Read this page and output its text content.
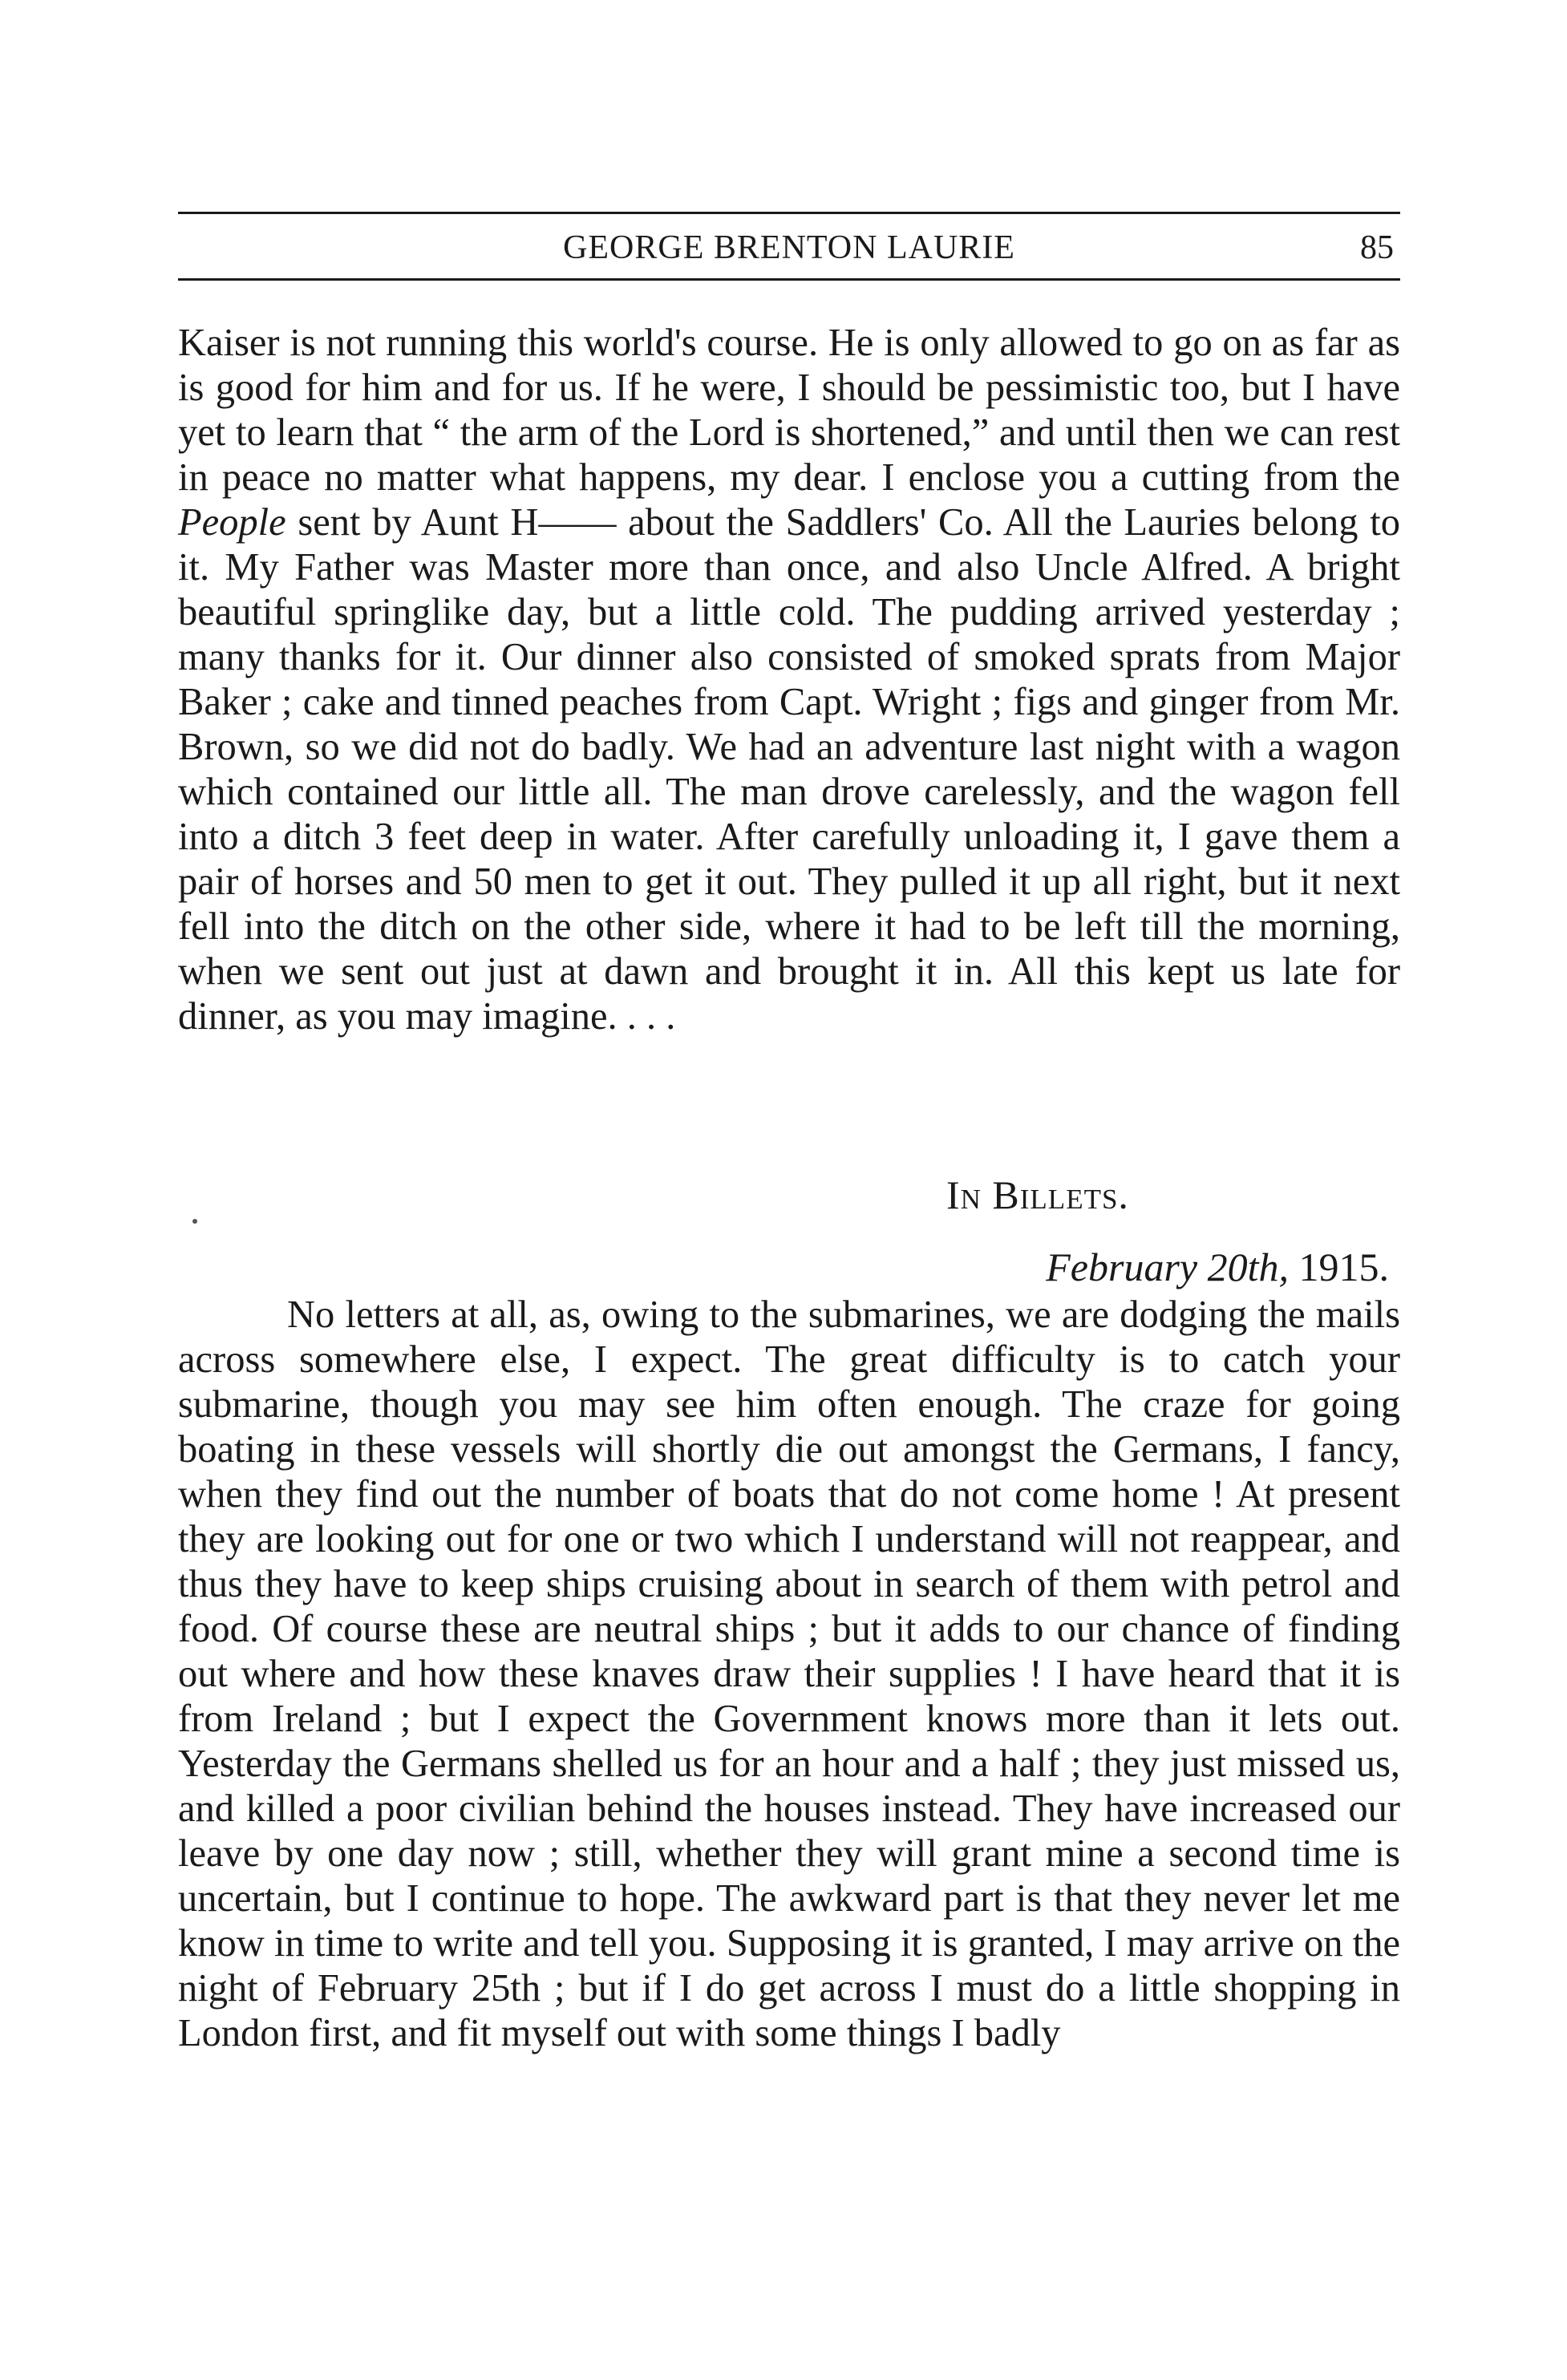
GEORGE BRENTON LAURIE	85

Kaiser is not running this world's course. He is only allowed to go on as far as is good for him and for us. If he were, I should be pessimistic too, but I have yet to learn that “ the arm of the Lord is shortened,” and until then we can rest in peace no matter what happens, my dear. I enclose you a cutting from the People sent by Aunt H—— about the Saddlers' Co. All the Lauries belong to it. My Father was Master more than once, and also Uncle Alfred. A bright beautiful springlike day, but a little cold. The pudding arrived yesterday ; many thanks for it. Our dinner also consisted of smoked sprats from Major Baker ; cake and tinned peaches from Capt. Wright ; figs and ginger from Mr. Brown, so we did not do badly. We had an adventure last night with a wagon which contained our little all. The man drove carelessly, and the wagon fell into a ditch 3 feet deep in water. After carefully unloading it, I gave them a pair of horses and 50 men to get it out. They pulled it up all right, but it next fell into the ditch on the other side, where it had to be left till the morning, when we sent out just at dawn and brought it in. All this kept us late for dinner, as you may imagine. . . .

In Billets.
February 20th, 1915.

No letters at all, as, owing to the submarines, we are dodging the mails across somewhere else, I expect. The great difficulty is to catch your submarine, though you may see him often enough. The craze for going boating in these vessels will shortly die out amongst the Germans, I fancy, when they find out the number of boats that do not come home ! At present they are looking out for one or two which I understand will not reappear, and thus they have to keep ships cruising about in search of them with petrol and food. Of course these are neutral ships ; but it adds to our chance of finding out where and how these knaves draw their supplies ! I have heard that it is from Ireland ; but I expect the Government knows more than it lets out. Yesterday the Germans shelled us for an hour and a half ; they just missed us, and killed a poor civilian behind the houses instead. They have increased our leave by one day now ; still, whether they will grant mine a second time is uncertain, but I continue to hope. The awkward part is that they never let me know in time to write and tell you. Supposing it is granted, I may arrive on the night of February 25th ; but if I do get across I must do a little shopping in London first, and fit myself out with some things I badly
